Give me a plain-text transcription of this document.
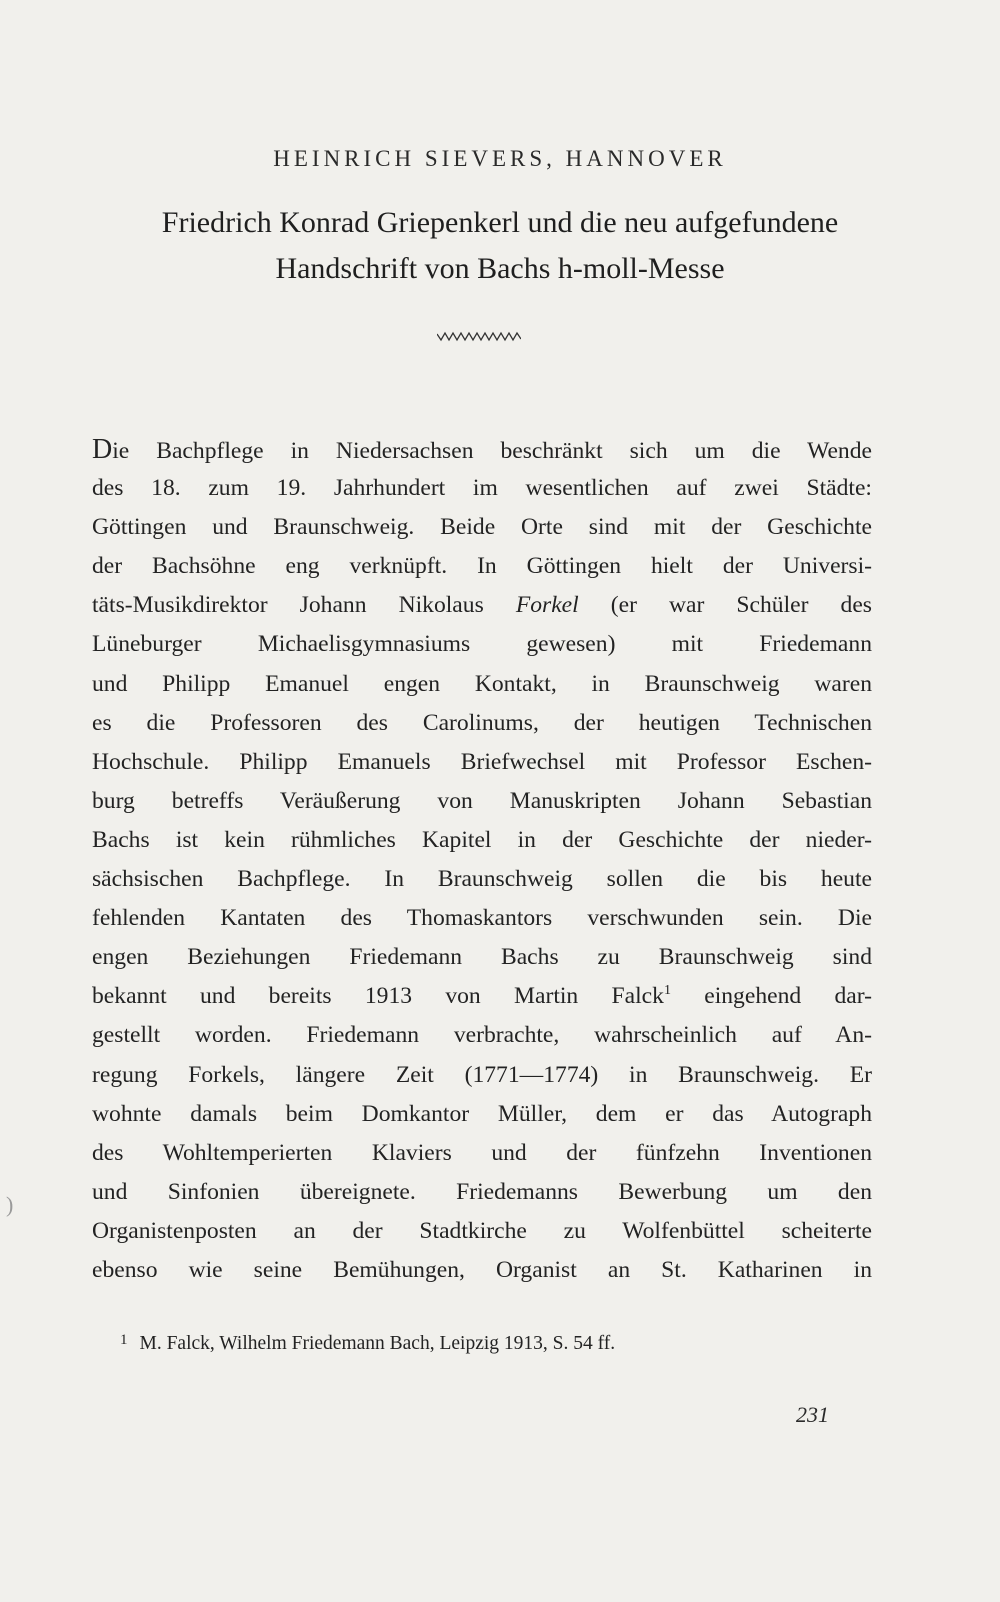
HEINRICH SIEVERS, HANNOVER
Friedrich Konrad Griepenkerl und die neu aufgefundene
Handschrift von Bachs h-moll-Messe
Die Bachpflege in Niedersachsen beschränkt sich um die Wende
des 18. zum 19. Jahrhundert im wesentlichen auf zwei Städte:
Göttingen und Braunschweig. Beide Orte sind mit der Geschichte
der Bachsöhne eng verknüpft. In Göttingen hielt der Universi-
täts-Musikdirektor Johann Nikolaus Forkel (er war Schüler des
Lüneburger Michaelisgymnasiums gewesen) mit Friedemann
und Philipp Emanuel engen Kontakt, in Braunschweig waren
es die Professoren des Carolinums, der heutigen Technischen
Hochschule. Philipp Emanuels Briefwechsel mit Professor Eschen-
burg betreffs Veräußerung von Manuskripten Johann Sebastian
Bachs ist kein rühmliches Kapitel in der Geschichte der nieder-
sächsischen Bachpflege. In Braunschweig sollen die bis heute
fehlenden Kantaten des Thomaskantors verschwunden sein. Die
engen Beziehungen Friedemann Bachs zu Braunschweig sind
bekannt und bereits 1913 von Martin Falck$^1$ eingehend dar-
gestellt worden. Friedemann verbrachte, wahrscheinlich auf An-
regung Forkels, längere Zeit (1771—1774) in Braunschweig. Er
wohnte damals beim Domkantor Müller, dem er das Autograph
des Wohltemperierten Klaviers und der fünfzehn Inventionen
und Sinfonien übereignete. Friedemanns Bewerbung um den
Organistenposten an der Stadtkirche zu Wolfenbüttel scheiterte
ebenso wie seine Bemühungen, Organist an St. Katharinen in
$^1$ M. Falck, Wilhelm Friedemann Bach, Leipzig 1913, S. 54 ff.
231
)
